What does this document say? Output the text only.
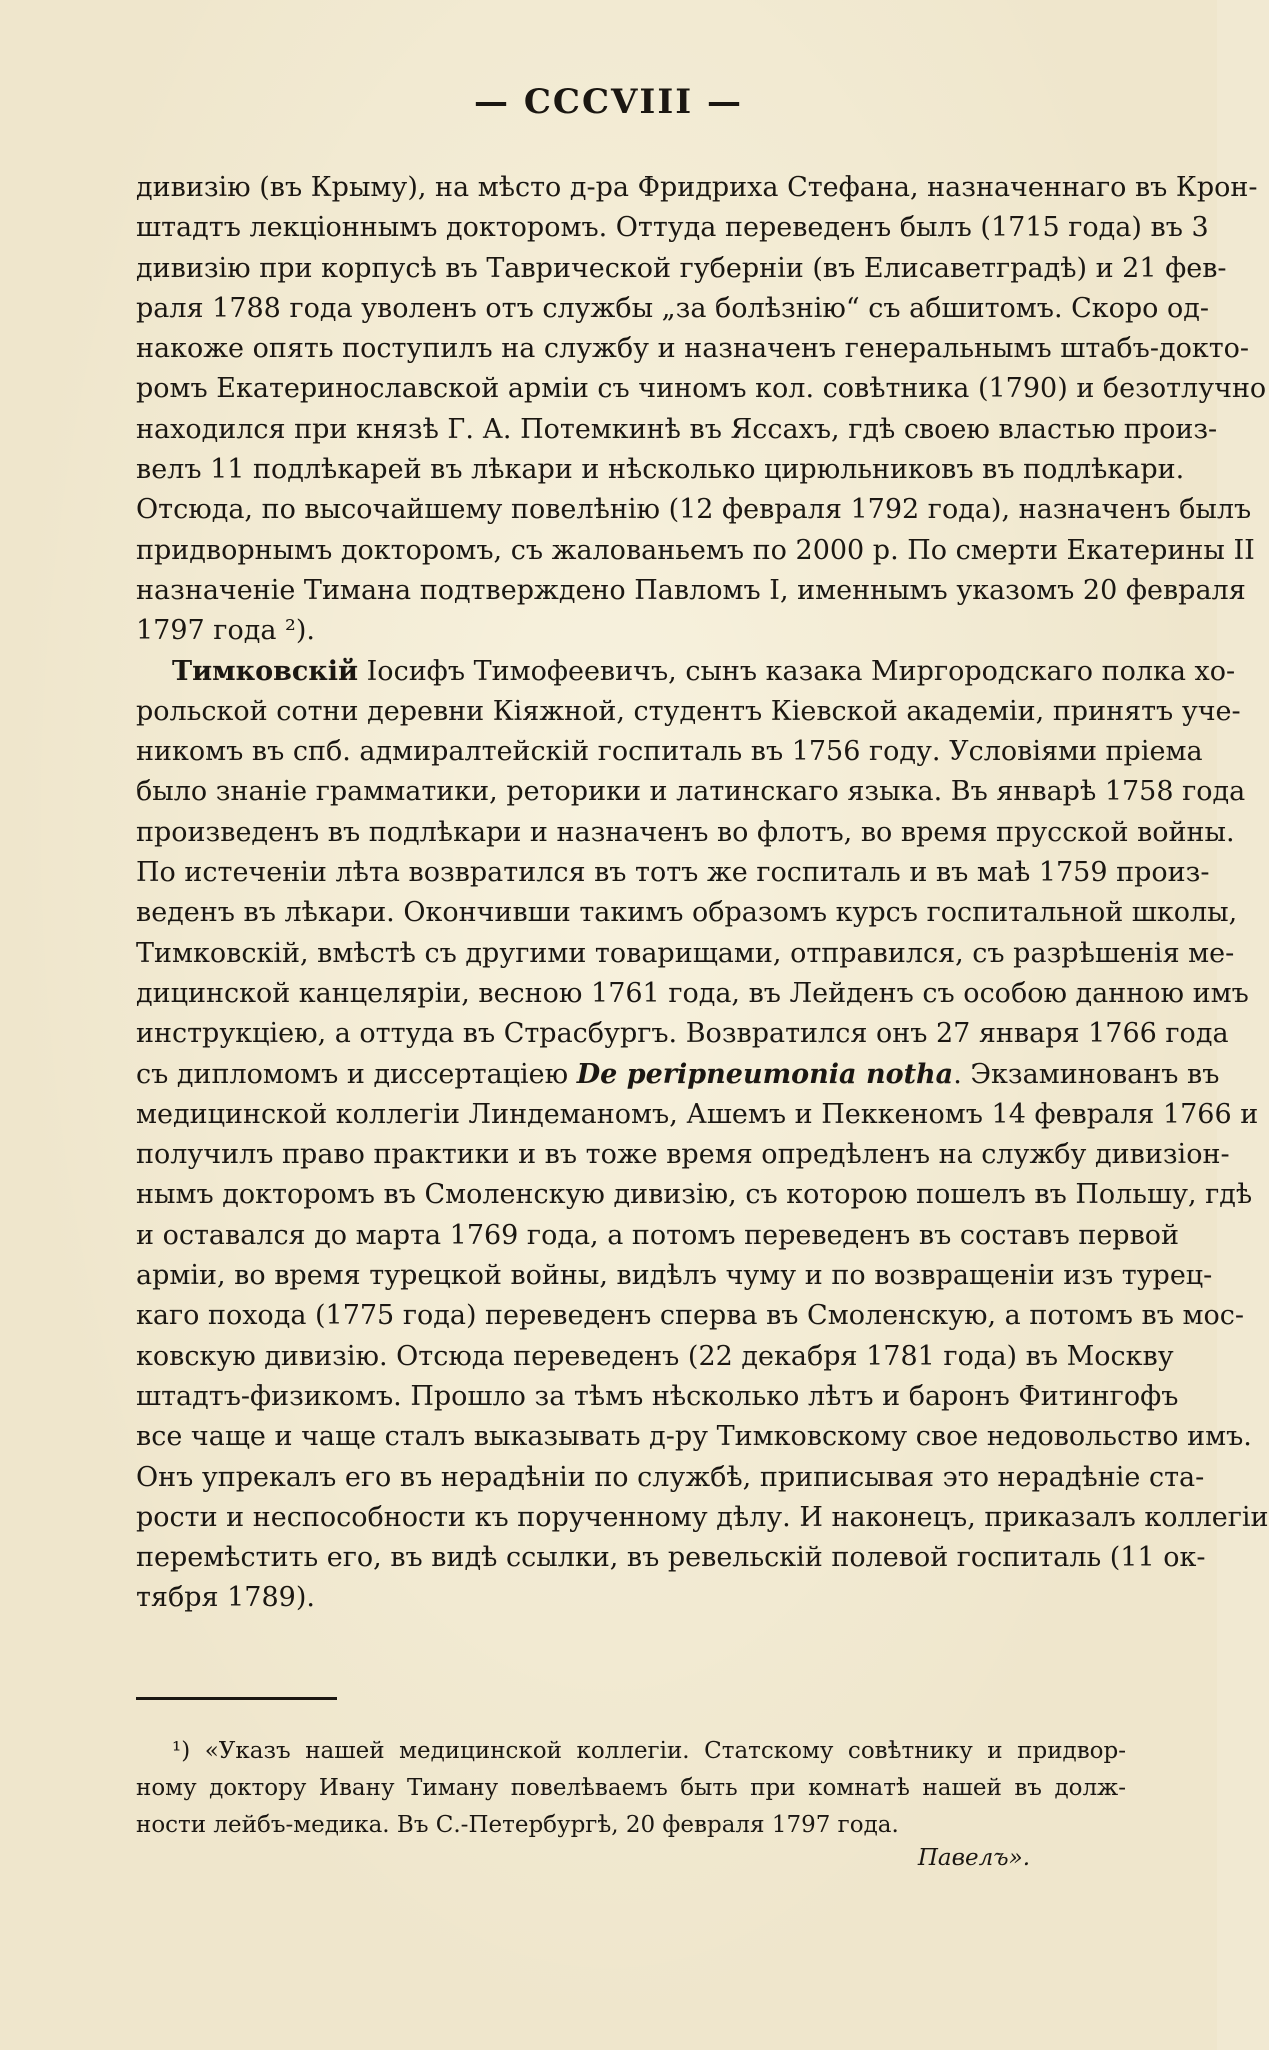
— CCCVIII —
дивизію (въ Крыму), на мѣсто д-ра Фридриха Стефана, назначеннаго въ Крон-
штадтъ лекціоннымъ докторомъ. Оттуда переведенъ былъ (1715 года) въ 3
дивизію при корпусѣ въ Таврической губерніи (въ Елисаветградѣ) и 21 фев-
раля 1788 года уволенъ отъ службы „за болѣзнію“ съ абшитомъ. Скоро од-
накоже опять поступилъ на службу и назначенъ генеральнымъ штабъ-докто-
ромъ Екатеринославской арміи съ чиномъ кол. совѣтника (1790) и безотлучно
находился при князѣ Г. А. Потемкинѣ въ Яссахъ, гдѣ своею властью произ-
велъ 11 подлѣкарей въ лѣкари и нѣсколько цирюльниковъ въ подлѣкари.
Отсюда, по высочайшему повелѣнію (12 февраля 1792 года), назначенъ былъ
придворнымъ докторомъ, съ жалованьемъ по 2000 р. По смерти Екатерины II
назначеніе Тимана подтверждено Павломъ I, именнымъ указомъ 20 февраля
1797 года ²).
Тимковскій Іосифъ Тимофеевичъ, сынъ казака Миргородскаго полка хо-
рольской сотни деревни Кіяжной, студентъ Кіевской академіи, принятъ уче-
никомъ въ спб. адмиралтейскій госпиталь въ 1756 году. Условіями пріема
было знаніе грамматики, реторики и латинскаго языка. Въ январѣ 1758 года
произведенъ въ подлѣкари и назначенъ во флотъ, во время прусской войны.
По истеченіи лѣта возвратился въ тотъ же госпиталь и въ маѣ 1759 произ-
веденъ въ лѣкари. Окончивши такимъ образомъ курсъ госпитальной школы,
Тимковскій, вмѣстѣ съ другими товарищами, отправился, съ разрѣшенія ме-
дицинской канцеляріи, весною 1761 года, въ Лейденъ съ особою данною имъ
инструкціею, а оттуда въ Страсбургъ. Возвратился онъ 27 января 1766 года
съ дипломомъ и диссертаціею De peripneumonia notha. Экзаминованъ въ
медицинской коллегіи Линдеманомъ, Ашемъ и Пеккеномъ 14 февраля 1766 и
получилъ право практики и въ тоже время опредѣленъ на службу дивизіон-
нымъ докторомъ въ Смоленскую дивизію, съ которою пошелъ въ Польшу, гдѣ
и оставался до марта 1769 года, а потомъ переведенъ въ составъ первой
арміи, во время турецкой войны, видѣлъ чуму и по возвращеніи изъ турец-
каго похода (1775 года) переведенъ сперва въ Смоленскую, а потомъ въ мос-
ковскую дивизію. Отсюда переведенъ (22 декабря 1781 года) въ Москву
штадтъ-физикомъ. Прошло за тѣмъ нѣсколько лѣтъ и баронъ Фитингофъ
все чаще и чаще сталъ выказывать д-ру Тимковскому свое недовольство имъ.
Онъ упрекалъ его въ нерадѣніи по службѣ, приписывая это нерадѣніе ста-
рости и неспособности къ порученному дѣлу. И наконецъ, приказалъ коллегіи
перемѣстить его, въ видѣ ссылки, въ ревельскій полевой госпиталь (11 ок-
тября 1789).
¹) «Указъ нашей медицинской коллегіи. Статскому совѣтнику и придвор-
ному доктору Ивану Тиману повелѣваемъ быть при комнатѣ нашей въ долж-
ности лейбъ-медика. Въ С.-Петербургѣ, 20 февраля 1797 года.
Павелъ».
